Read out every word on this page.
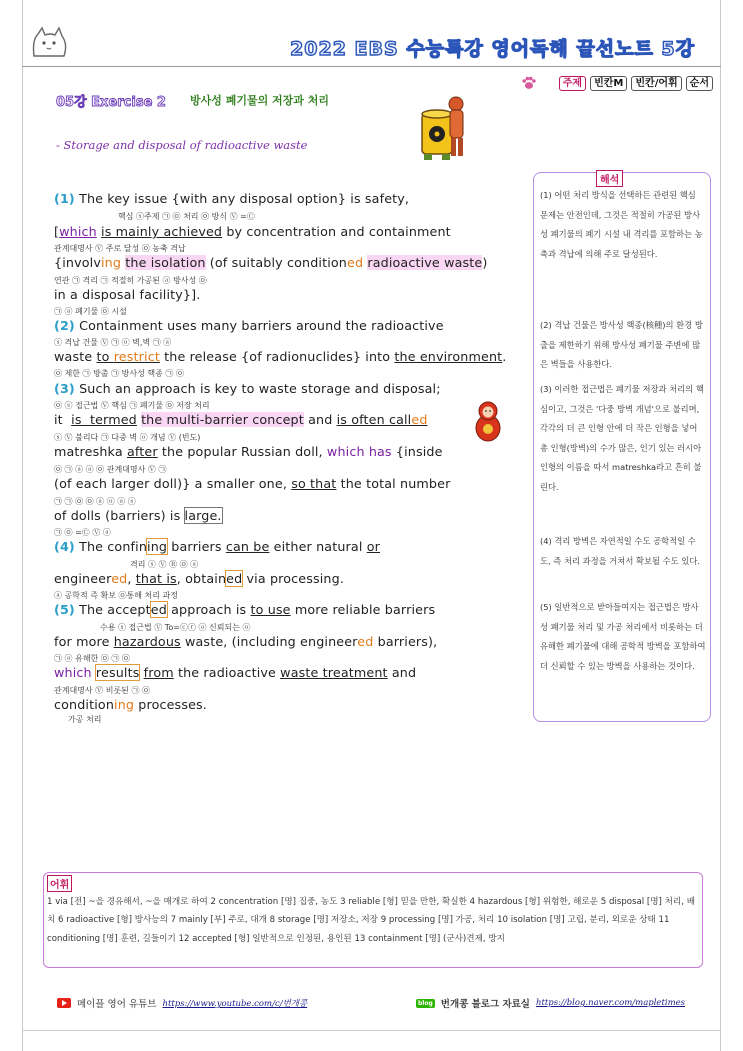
2022 EBS 수능특강 영어독해 끝선노트 5강
주제	빈칸M	빈칸/어휘	순서
05강 Exercise 2 방사성 폐기물의 저장과 처리
- Storage and disposal of radioactive waste
(1) The key issue {with any disposal option} is safety,
핵심 ⓢ주제 ㉠ ㉧ 처리 ㉧ 방식 Ⓥ =Ⓒ
[which is mainly achieved by concentration and containment
관계대명사 Ⓥ 주로 달성 ㉧ 농축 격납
{involving the isolation (of suitably conditioned radioactive waste)
연관 ㉠ 격리 ㉠ 적절히 가공된 ⓐ 방사성 ㉧
in a disposal facility}].
㉠ ⓐ 폐기물 ㉧ 시설
(2) Containment uses many barriers around the radioactive
ⓢ 격납 건물 Ⓥ ㉠ ⓞ 벽,벽 ㉠ ⓐ
waste to restrict the release {of radionuclides} into the environment.
㉧ 제한 ㉠ 방출 ㉠ 방사성 핵종 ㉠ ㉧
(3) Such an approach is key to waste storage and disposal;
㉧ ⓢ 접근법 Ⓥ 핵심 ㉠ 폐기물 ㉧ 저장 처리
it  is  termed the multi-barrier concept and is often called
ⓢ Ⓥ 불리다 ㉠ 다중 벽 ⓞ 개념 Ⓥ (빈도)
matreshka after the popular Russian doll, which has {inside
㉧ ㉠ ⓐ ⓐ ㉧ 관계대명사 Ⓥ ㉠
(of each larger doll)} a smaller one, so that the total number
㉠ ㉠ ㉧ ㉧ ⓐ ⓞ ⓐ ⓢ
of dolls (barriers) is large.
㉠ ㉧ =Ⓒ Ⓥ ⓐ
(4) The confining barriers can be either natural or
격리 ⓢ Ⓥ Ⓡ ㉧ ⓐ
engineered, that is, obtained via processing.
ⓐ 공학적 즉 확보 ㉧통해 처리 과정
(5) The accepted approach is to use more reliable barriers
수용 ⓢ 접근법 Ⓥ To=ⓒⓡ ⓐ 신뢰되는 ⓞ
for more hazardous waste, (including engineered barriers),
㉠ ⓐ 유해한 ㉧ ㉠ ㉧
which results from the radioactive waste treatment and
관계대명사 Ⓥ 비롯된 ㉠ ㉧
conditioning processes.
가공 처리
해석
(1) 어떤 처리 방식을 선택하든 관련된 핵심 문제는 안전인데, 그것은 적절히 가공된 방사성 폐기물의 폐기 시설 내 격리를 포함하는 농축과 격납에 의해 주로 달성된다.
(2) 격납 건물은 방사성 핵종(核種)의 환경 방출을 제한하기 위해 방사성 폐기물 주변에 많은 벽들을 사용한다.
(3) 이러한 접근법은 폐기물 저장과 처리의 핵심이고, 그것은 '다중 방벽 개념'으로 불리며, 각각의 더 큰 인형 안에 더 작은 인형을 넣어 총 인형(방벽)의 수가 많은, 인기 있는 러시아 인형의 이름을 따서 matreshka라고 흔히 불린다.
(4) 격리 방벽은 자연적일 수도 공학적일 수도, 즉 처리 과정을 거쳐서 확보될 수도 있다.
(5) 일반적으로 받아들여지는 접근법은 방사성 폐기물 처리 및 가공 처리에서 비롯하는 더 유해한 폐기물에 대해 공학적 방벽을 포함하여 더 신뢰할 수 있는 방벽을 사용하는 것이다.
어휘
1 via [전] ~을 경유해서, ~을 매개로 하여 2 concentration [명] 집중, 농도 3 reliable [형] 믿을 만한, 확실한 4 hazardous [형] 위험한, 해로운 5 disposal [명] 처리, 배치 6 radioactive [형] 방사능의 7 mainly [부] 주로, 대개 8 storage [명] 저장소, 저장 9 processing [명] 가공, 처리 10 isolation [명] 고립, 분리, 외로운 상태 11 conditioning [명] 훈련, 길들이기 12 accepted [형] 일반적으로 인정된, 용인된 13 containment [명] (군사)견제, 방지
메이플 영어 유튜브 https://www.youtube.com/c/번개콩	blog 번개콩 블로그 자료실 https://blog.naver.com/mapletimes
